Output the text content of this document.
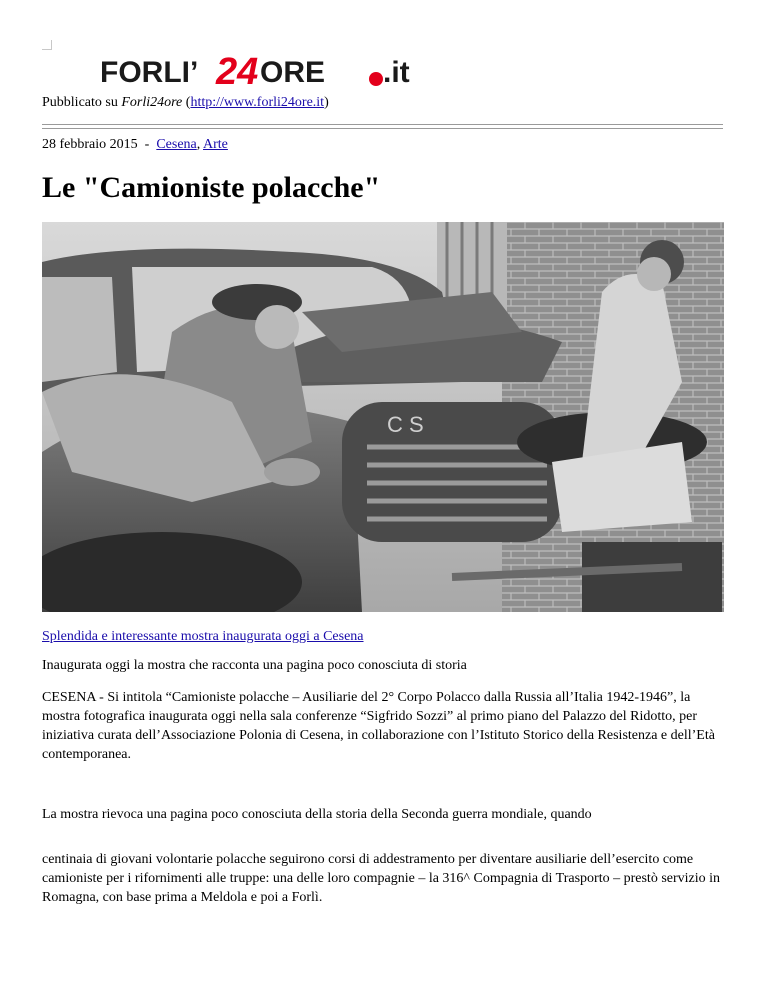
FORLI’ 24 ORE .it
Pubblicato su Forli24ore (http://www.forli24ore.it)
28 febbraio 2015 - Cesena, Arte
Le "Camioniste polacche"
C S
Splendida e interessante mostra inaugurata oggi a Cesena

Inaugurata oggi la mostra che racconta una pagina poco conosciuta di storia

CESENA - Si intitola “Camioniste polacche – Ausiliarie del 2° Corpo Polacco dalla Russia all’Italia 1942-1946”, la mostra fotografica inaugurata oggi nella sala conferenze “Sigfrido Sozzi” al primo piano del Palazzo del Ridotto, per iniziativa curata dell’Associazione Polonia di Cesena, in collaborazione con l’Istituto Storico della Resistenza e dell’Età contemporanea.

La mostra rievoca una pagina poco conosciuta della storia della Seconda guerra mondiale, quando

centinaia di giovani volontarie polacche seguirono corsi di addestramento per diventare ausiliarie dell’esercito come camioniste per i rifornimenti alle truppe: una delle loro compagnie – la 316^ Compagnia di Trasporto – prestò servizio in Romagna, con base prima a Meldola e poi a Forlì.
